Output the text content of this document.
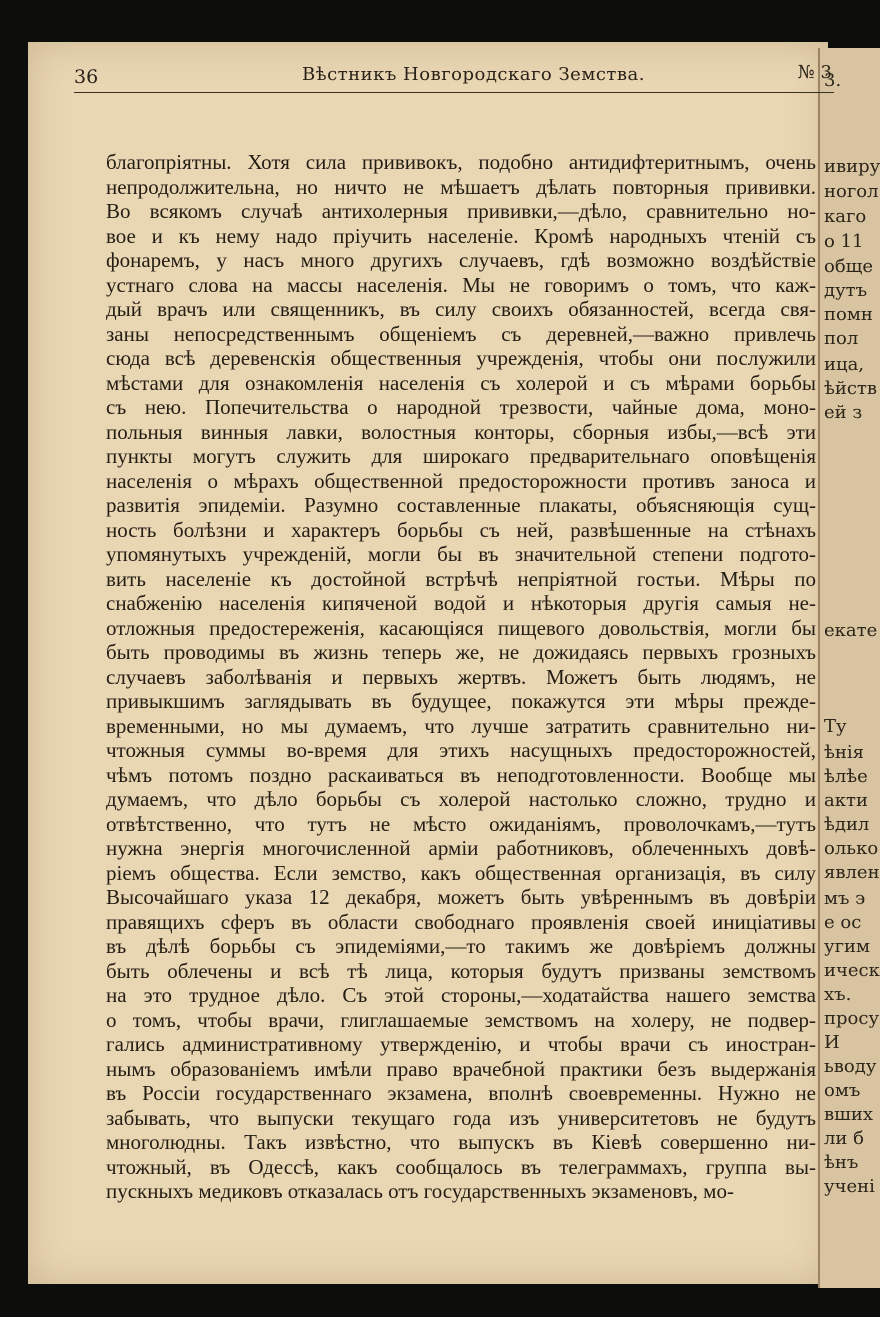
3.
ивиру
ногол
каго
о 11
обще
дутъ
помн
пол
ица,
ѣйств
ей з
екате
Ту
ѣнія
ѣлѣе
акти
ѣдил
олько
явлен
мъ э
е ос
угим
ическ
хъ.
просу
И
ьводу
омъ
вших
ли б
ѣнъ
учені
36	Вѣстникъ Новгородскаго Земства.	№ 3
благопріятны. Хотя сила прививокъ, подобно антидифтеритнымъ, очень
непродолжительна, но ничто не мѣшаетъ дѣлать повторныя прививки.
Во всякомъ случаѣ антихолерныя прививки,—дѣло, сравнительно но-
вое и къ нему надо пріучить населеніе. Кромѣ народныхъ чтеній съ
фонаремъ, у насъ много другихъ случаевъ, гдѣ возможно воздѣйствіе
устнаго слова на массы населенія. Мы не говоримъ о томъ, что каж-
дый врачъ или священникъ, въ силу своихъ обязанностей, всегда свя-
заны непосредственнымъ общеніемъ съ деревней,—важно привлечь
сюда всѣ деревенскія общественныя учрежденія, чтобы они послужили
мѣстами для ознакомленія населенія съ холерой и съ мѣрами борьбы
съ нею. Попечительства о народной трезвости, чайные дома, моно-
польныя винныя лавки, волостныя конторы, сборныя избы,—всѣ эти
пункты могутъ служить для широкаго предварительнаго оповѣщенія
населенія о мѣрахъ общественной предосторожности противъ заноса и
развитія эпидеміи. Разумно составленные плакаты, объясняющія сущ-
ность болѣзни и характеръ борьбы съ ней, развѣшенные на стѣнахъ
упомянутыхъ учрежденій, могли бы въ значительной степени подгото-
вить населеніе къ достойной встрѣчѣ непріятной гостьи. Мѣры по
снабженію населенія кипяченой водой и нѣкоторыя другія самыя не-
отложныя предостереженія, касающіяся пищевого довольствія, могли бы
быть проводимы въ жизнь теперь же, не дожидаясь первыхъ грозныхъ
случаевъ заболѣванія и первыхъ жертвъ. Можетъ быть людямъ, не
привыкшимъ заглядывать въ будущее, покажутся эти мѣры преждe-
временными, но мы думаемъ, что лучше затратить сравнительно ни-
чтожныя суммы во-время для этихъ насущныхъ предосторожностей,
чѣмъ потомъ поздно раскаиваться въ неподготовленности. Вообще мы
думаемъ, что дѣло борьбы съ холерой настолько сложно, трудно и
отвѣтственно, что тутъ не мѣсто ожиданіямъ, проволочкамъ,—тутъ
нужна энергія многочисленной арміи работниковъ, облеченныхъ довѣ-
ріемъ общества. Если земство, какъ общественная организація, въ силу
Высочайшаго указа 12 декабря, можетъ быть увѣреннымъ въ довѣріи
правящихъ сферъ въ области свободнаго проявленія своей иниціативы
въ дѣлѣ борьбы съ эпидеміями,—то такимъ же довѣріемъ должны
быть облечены и всѣ тѣ лица, которыя будутъ призваны земствомъ
на это трудное дѣло. Съ этой стороны,—ходатайства нашего земства
о томъ, чтобы врачи, глиглашаемые земствомъ на холеру, не подвер-
гались административному утвержденію, и чтобы врачи съ иностран-
нымъ образованіемъ имѣли право врачебной практики безъ выдержанія
въ Россіи государственнаго экзамена, вполнѣ своевременны. Нужно не
забывать, что выпуски текущаго года изъ университетовъ не будутъ
многолюдны. Такъ извѣстно, что выпускъ въ Кіевѣ совершенно ни-
чтожный, въ Одессѣ, какъ сообщалось въ телеграммахъ, группа вы-
пускныхъ медиковъ отказалась отъ государственныхъ экзаменовъ, мо-
